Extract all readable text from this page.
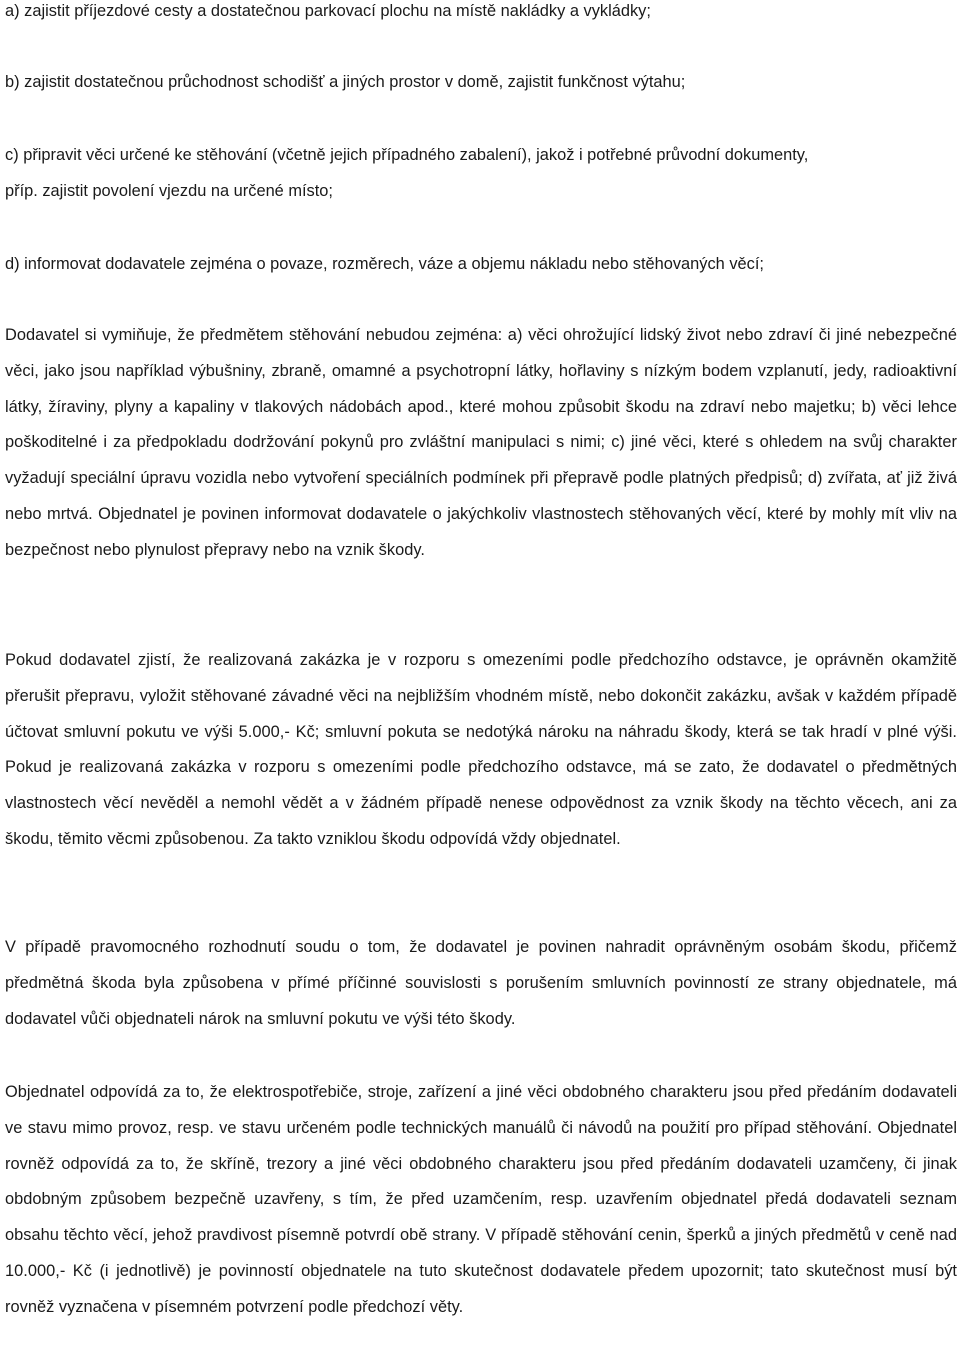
a) zajistit příjezdové cesty a dostatečnou parkovací plochu na místě nakládky a vykládky;
b) zajistit dostatečnou průchodnost schodišť a jiných prostor v domě, zajistit funkčnost výtahu;
c) připravit věci určené ke stěhování (včetně jejich případného zabalení), jakož i potřebné průvodní dokumenty,
příp. zajistit povolení vjezdu na určené místo;
d) informovat dodavatele zejména o povaze, rozměrech, váze a objemu nákladu nebo stěhovaných věcí;

Dodavatel si vymiňuje, že předmětem stěhování nebudou zejména: a) věci ohrožující lidský život nebo zdraví či jiné nebezpečné věci, jako jsou například výbušniny, zbraně, omamné a psychotropní látky, hořlaviny s nízkým bodem vzplanutí, jedy, radioaktivní látky, žíraviny, plyny a kapaliny v tlakových nádobách apod., které mohou způsobit škodu na zdraví nebo majetku; b) věci lehce poškoditelné i za předpokladu dodržování pokynů pro zvláštní manipulaci s nimi; c) jiné věci, které s ohledem na svůj charakter vyžadují speciální úpravu vozidla nebo vytvoření speciálních podmínek při přepravě podle platných předpisů; d) zvířata, ať již živá nebo mrtvá. Objednatel je povinen informovat dodavatele o jakýchkoliv vlastnostech stěhovaných věcí, které by mohly mít vliv na bezpečnost nebo plynulost přepravy nebo na vznik škody.

Pokud dodavatel zjistí, že realizovaná zakázka je v rozporu s omezeními podle předchozího odstavce, je oprávněn okamžitě přerušit přepravu, vyložit stěhované závadné věci na nejbližším vhodném místě, nebo dokončit zakázku, avšak v každém případě účtovat smluvní pokutu ve výši 5.000,- Kč; smluvní pokuta se nedotýká nároku na náhradu škody, která se tak hradí v plné výši. Pokud je realizovaná zakázka v rozporu s omezeními podle předchozího odstavce, má se zato, že dodavatel o předmětných vlastnostech věcí nevěděl a nemohl vědět a v žádném případě nenese odpovědnost za vznik škody na těchto věcech, ani za škodu, těmito věcmi způsobenou. Za takto vzniklou škodu odpovídá vždy objednatel.

V případě pravomocného rozhodnutí soudu o tom, že dodavatel je povinen nahradit oprávněným osobám škodu, přičemž předmětná škoda byla způsobena v přímé příčinné souvislosti s porušením smluvních povinností ze strany objednatele, má dodavatel vůči objednateli nárok na smluvní pokutu ve výši této škody.

Objednatel odpovídá za to, že elektrospotřebiče, stroje, zařízení a jiné věci obdobného charakteru jsou před předáním dodavateli ve stavu mimo provoz, resp. ve stavu určeném podle technických manuálů či návodů na použití pro případ stěhování. Objednatel rovněž odpovídá za to, že skříně, trezory a jiné věci obdobného charakteru jsou před předáním dodavateli uzamčeny, či jinak obdobným způsobem bezpečně uzavřeny, s tím, že před uzamčením, resp. uzavřením objednatel předá dodavateli seznam obsahu těchto věcí, jehož pravdivost písemně potvrdí obě strany. V případě stěhování cenin, šperků a jiných předmětů v ceně nad 10.000,- Kč (i jednotlivě) je povinností objednatele na tuto skutečnost dodavatele předem upozornit; tato skutečnost musí být rovněž vyznačena v písemném potvrzení podle předchozí věty.
